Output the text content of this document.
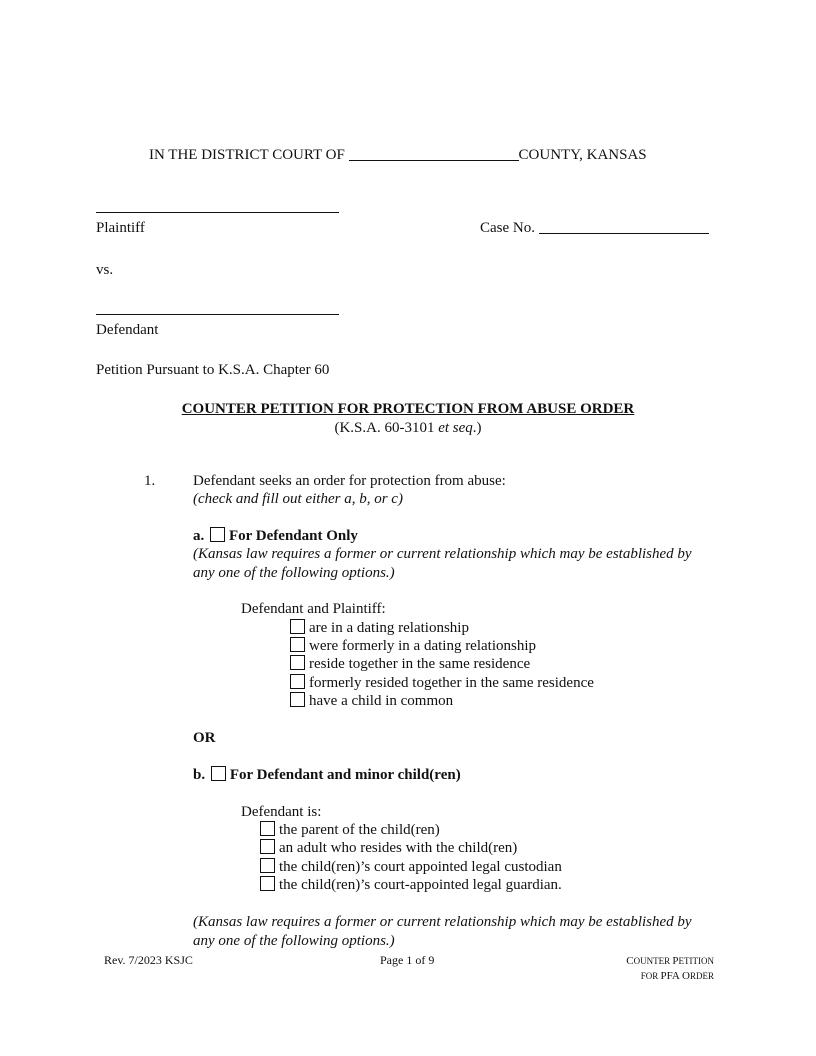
IN THE DISTRICT COURT OF	COUNTY, KANSAS
Plaintiff	Case No.
vs.
Defendant
Petition Pursuant to K.S.A. Chapter 60
COUNTER PETITION FOR PROTECTION FROM ABUSE ORDER
(K.S.A. 60-3101 et seq.)
1.	Defendant seeks an order for protection from abuse:
(check and fill out either a, b, or c)
a. For Defendant Only
(Kansas law requires a former or current relationship which may be established by
any one of the following options.)
Defendant and Plaintiff:
are in a dating relationship
were formerly in a dating relationship
reside together in the same residence
formerly resided together in the same residence
have a child in common
OR
b. For Defendant and minor child(ren)
Defendant is:
the parent of the child(ren)
an adult who resides with the child(ren)
the child(ren)’s court appointed legal custodian
the child(ren)’s court-appointed legal guardian.
(Kansas law requires a former or current relationship which may be established by
any one of the following options.)
Rev. 7/2023 KSJC	Page 1 of 9	COUNTER PETITION
FOR PFA ORDER
